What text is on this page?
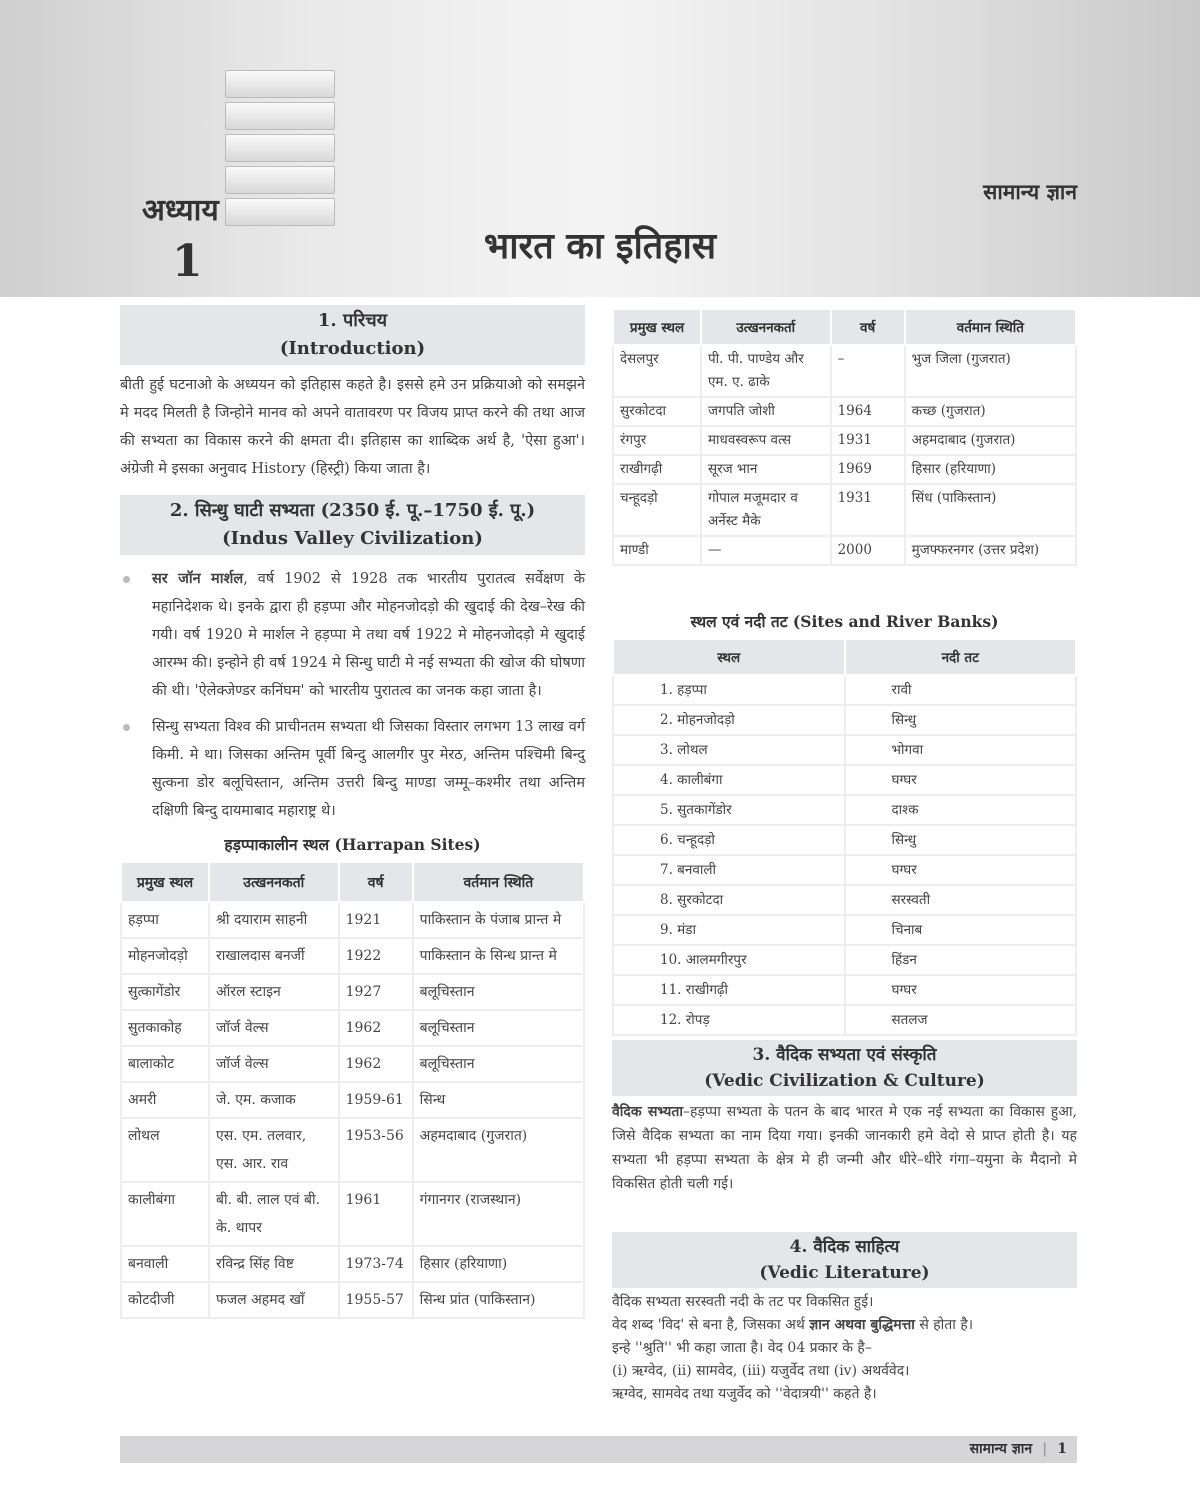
अध्याय
1	भारत का इतिहास
सामान्य ज्ञान
1. परिचय
(Introduction)

बीती हुई घटनाओ के अध्ययन को इतिहास कहते है। इससे हमे उन प्रक्रियाओ को समझने मे मदद मिलती है जिन्होने मानव को अपने वातावरण पर विजय प्राप्त करने की तथा आज की सभ्यता का विकास करने की क्षमता दी। इतिहास का शाब्दिक अर्थ है, 'ऐसा हुआ'। अंग्रेजी मे इसका अनुवाद History (हिस्ट्री) किया जाता है।

2. सिन्धु घाटी सभ्यता (2350 ई. पू.–1750 ई. पू.)
(Indus Valley Civilization)
सर जॉन मार्शल, वर्ष 1902 से 1928 तक भारतीय पुरातत्व सर्वेक्षण के महानिदेशक थे। इनके द्वारा ही हड़प्पा और मोहनजोदड़ो की खुदाई की देख–रेख की गयी। वर्ष 1920 मे मार्शल ने हड़प्पा मे तथा वर्ष 1922 मे मोहनजोदड़ो मे खुदाई आरम्भ की। इन्होने ही वर्ष 1924 मे सिन्धु घाटी मे नई सभ्यता की खोज की घोषणा की थी। 'ऐलेक्जेण्डर कनिंघम' को भारतीय पुरातत्व का जनक कहा जाता है।
सिन्धु सभ्यता विश्व की प्राचीनतम सभ्यता थी जिसका विस्तार लगभग 13 लाख वर्ग किमी. मे था। जिसका अन्तिम पूर्वी बिन्दु आलगीर पुर मेरठ, अन्तिम पश्चिमी बिन्दु सुत्कना डोर बलूचिस्तान, अन्तिम उत्तरी बिन्दु माण्डा जम्मू–कश्मीर तथा अन्तिम दक्षिणी बिन्दु दायमाबाद महाराष्ट्र थे।
हड़प्पाकालीन स्थल (Harrapan Sites)
प्रमुख स्थल	उत्खननकर्ता	वर्ष	वर्तमान स्थिति
हड़प्पा	श्री दयाराम साहनी	1921	पाकिस्तान के पंजाब प्रान्त मे
मोहनजोदड़ो	राखालदास बनर्जी	1922	पाकिस्तान के सिन्ध प्रान्त मे
सुत्कागेंडोर	ऑरल स्टाइन	1927	बलूचिस्तान
सुतकाकोह	जॉर्ज वेल्स	1962	बलूचिस्तान
बालाकोट	जॉर्ज वेल्स	1962	बलूचिस्तान
अमरी	जे. एम. कजाक	1959-61	सिन्ध
लोथल	एस. एम. तलवार, एस. आर. राव	1953-56	अहमदाबाद (गुजरात)
कालीबंगा	बी. बी. लाल एवं बी. के. थापर	1961	गंगानगर (राजस्थान)
बनवाली	रविन्द्र सिंह विष्ट	1973-74	हिसार (हरियाणा)
कोटदीजी	फजल अहमद खाँ	1955-57	सिन्ध प्रांत (पाकिस्तान)
प्रमुख स्थल	उत्खननकर्ता	वर्ष	वर्तमान स्थिति
देसलपुर	पी. पी. पाण्डेय और एम. ए. ढाके	–	भुज जिला (गुजरात)
सुरकोटदा	जगपति जोशी	1964	कच्छ (गुजरात)
रंगपुर	माधवस्वरूप वत्स	1931	अहमदाबाद (गुजरात)
राखीगढ़ी	सूरज भान	1969	हिसार (हरियाणा)
चन्हूदड़ो	गोपाल मजूमदार व अर्नेस्ट मैके	1931	सिंध (पाकिस्तान)
माण्डी	—	2000	मुजफ्फरनगर (उत्तर प्रदेश)
स्थल एवं नदी तट (Sites and River Banks)
स्थल	नदी तट
1. हड़प्पा	रावी
2. मोहनजोदड़ो	सिन्धु
3. लोथल	भोगवा
4. कालीबंगा	घग्घर
5. सुतकागेंडोर	दाश्क
6. चन्हूदड़ो	सिन्धु
7. बनवाली	घग्घर
8. सुरकोटदा	सरस्वती
9. मंडा	चिनाब
10. आलमगीरपुर	हिंडन
11. राखीगढ़ी	घग्घर
12. रोपड़	सतलज
3. वैदिक सभ्यता एवं संस्कृति
(Vedic Civilization & Culture)

वैदिक सभ्यता–हड़प्पा सभ्यता के पतन के बाद भारत मे एक नई सभ्यता का विकास हुआ, जिसे वैदिक सभ्यता का नाम दिया गया। इनकी जानकारी हमे वेदो से प्राप्त होती है। यह सभ्यता भी हड़प्पा सभ्यता के क्षेत्र मे ही जन्मी और धीरे–धीरे गंगा–यमुना के मैदानो मे विकसित होती चली गई।

4. वैदिक साहित्य
(Vedic Literature)
वैदिक सभ्यता सरस्वती नदी के तट पर विकसित हुई।
वेद शब्द 'विद' से बना है, जिसका अर्थ ज्ञान अथवा बुद्धिमत्ता से होता है।
इन्हे ''श्रुति'' भी कहा जाता है। वेद 04 प्रकार के है–
(i) ऋग्वेद, (ii) सामवेद, (iii) यजुर्वेद तथा (iv) अथर्ववेद।
ऋग्वेद, सामवेद तथा यजुर्वेद को ''वेदात्रयी'' कहते है।
सामान्य ज्ञान | 1
